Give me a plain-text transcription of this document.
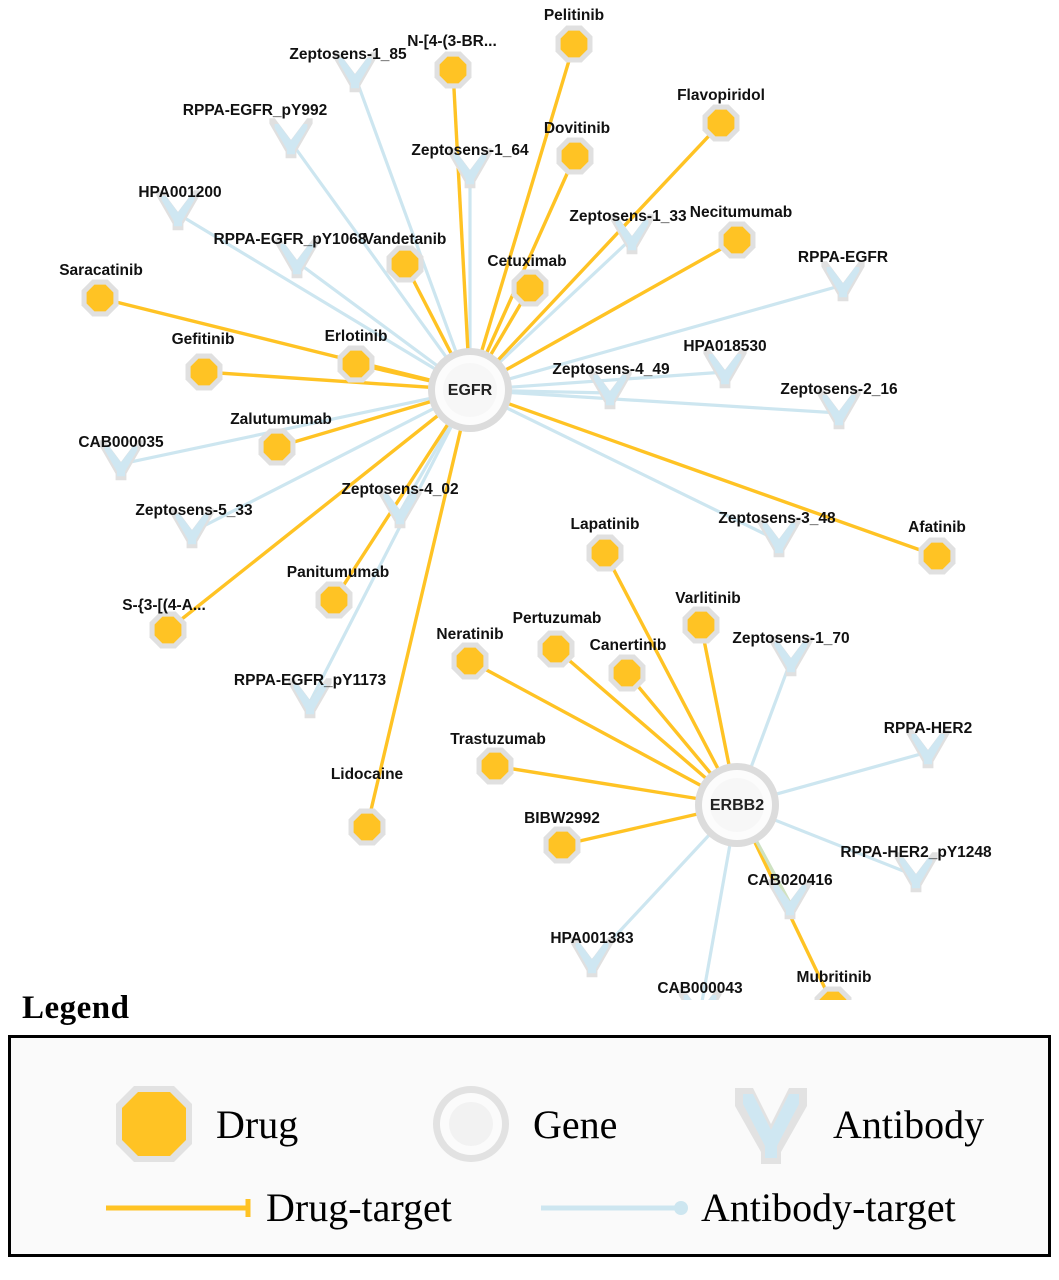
Pelitinib
N-[4-(3-BR...
Flavopiridol
Dovitinib
Necitumumab
Vandetanib
Cetuximab
Saracatinib
Erlotinib
Gefitinib
Zalutumumab
Afatinib
Lapatinib
Panitumumab
S-{3-[(4-A...	Varlitinib
Pertuzumab
Neratinib
Canertinib
Trastuzumab
Lidocaine
BIBW2992
Mubritinib
Zeptosens-1_85
RPPA-EGFR_pY992
Zeptosens-1_64
HPA001200
Zeptosens-1_33
RPPA-EGFR_pY1068
RPPA-EGFR
HPA018530
Zeptosens-4_49
Zeptosens-2_16
CAB000035
Zeptosens-4_02
Zeptosens-5_33	Zeptosens-3_48
Zeptosens-1_70
RPPA-EGFR_pY1173
RPPA-HER2
RPPA-HER2_pY1248
CAB020416
HPA001383
CAB000043
EGFR
ERBB2
Legend
Drug	Gene	Antibody
Drug-target	Antibody-target
